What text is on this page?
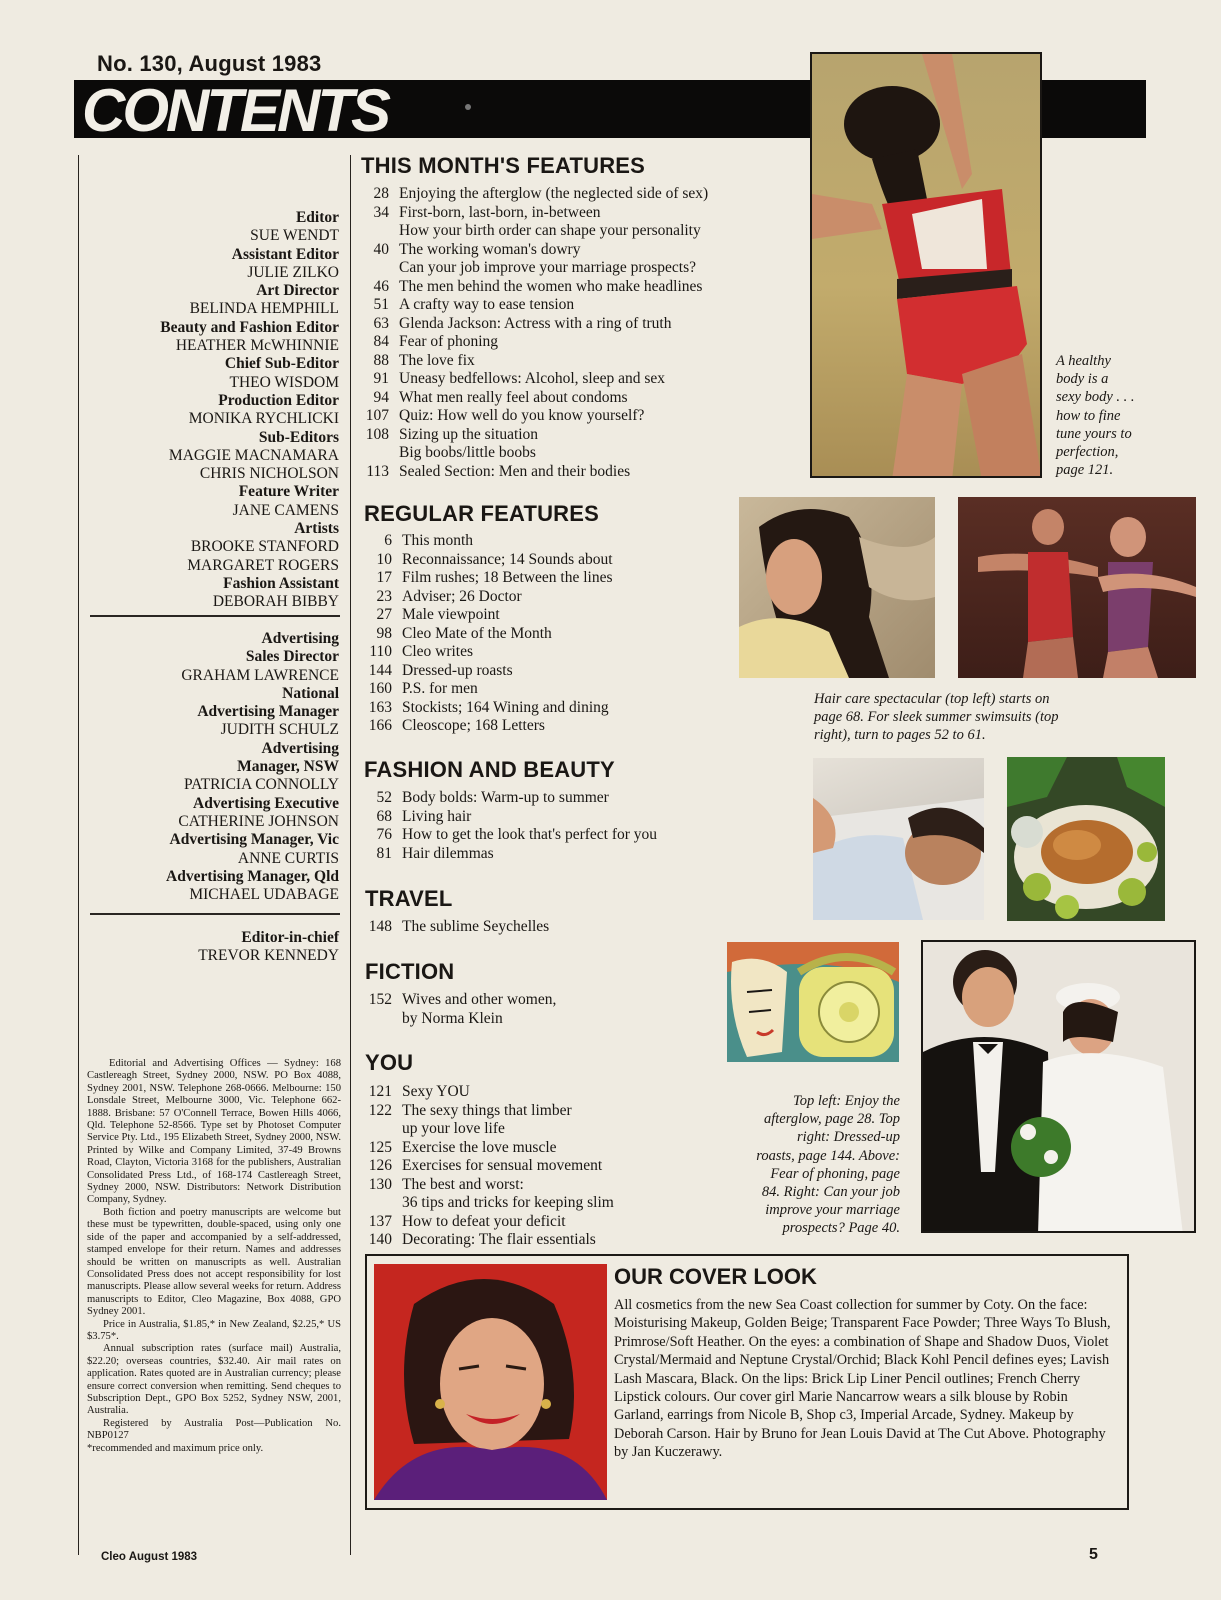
No. 130, August 1983
CONTENTS
Editor
SUE WENDT
Assistant Editor
JULIE ZILKO
Art Director
BELINDA HEMPHILL
Beauty and Fashion Editor
HEATHER McWHINNIE
Chief Sub-Editor
THEO WISDOM
Production Editor
MONIKA RYCHLICKI
Sub-Editors
MAGGIE MACNAMARA
CHRIS NICHOLSON
Feature Writer
JANE CAMENS
Artists
BROOKE STANFORD
MARGARET ROGERS
Fashion Assistant
DEBORAH BIBBY
Advertising
Sales Director
GRAHAM LAWRENCE
National
Advertising Manager
JUDITH SCHULZ
Advertising
Manager, NSW
PATRICIA CONNOLLY
Advertising Executive
CATHERINE JOHNSON
Advertising Manager, Vic
ANNE CURTIS
Advertising Manager, Qld
MICHAEL UDABAGE
Editor-in-chief
TREVOR KENNEDY

Editorial and Advertising Offices — Sydney: 168 Castlereagh Street, Sydney 2000, NSW. PO Box 4088, Sydney 2001, NSW. Telephone 268-0666. Melbourne: 150 Lonsdale Street, Melbourne 3000, Vic. Telephone 662-1888. Brisbane: 57 O'Connell Terrace, Bowen Hills 4066, Qld. Telephone 52-8566. Type set by Photoset Computer Service Pty. Ltd., 195 Elizabeth Street, Sydney 2000, NSW. Printed by Wilke and Company Limited, 37-49 Browns Road, Clayton, Victoria 3168 for the publishers, Australian Consolidated Press Ltd., of 168-174 Castlereagh Street, Sydney 2000, NSW. Distributors: Network Distribution Company, Sydney.

Both fiction and poetry manuscripts are welcome but these must be typewritten, double-spaced, using only one side of the paper and accompanied by a self-addressed, stamped envelope for their return. Names and addresses should be written on manuscripts as well. Australian Consolidated Press does not accept responsibility for lost manuscripts. Please allow several weeks for return. Address manuscripts to Editor, Cleo Magazine, Box 4088, GPO Sydney 2001.

Price in Australia, $1.85,* in New Zealand, $2.25,* US $3.75*.

Annual subscription rates (surface mail) Australia, $22.20; overseas countries, $32.40. Air mail rates on application. Rates quoted are in Australian currency; please ensure correct conversion when remitting. Send cheques to Subscription Dept., GPO Box 5252, Sydney NSW, 2001, Australia.

Registered by Australia Post—Publication No. NBP0127

*recommended and maximum price only.

THIS MONTH'S FEATURES
28 Enjoying the afterglow (the neglected side of sex)
34 First-born, last-born, in-between
How your birth order can shape your personality
40 The working woman's dowry
Can your job improve your marriage prospects?
46 The men behind the women who make headlines
51 A crafty way to ease tension
63 Glenda Jackson: Actress with a ring of truth
84 Fear of phoning
88 The love fix
91 Uneasy bedfellows: Alcohol, sleep and sex
94 What men really feel about condoms
107 Quiz: How well do you know yourself?
108 Sizing up the situation
Big boobs/little boobs
113 Sealed Section: Men and their bodies
REGULAR FEATURES
6 This month
10 Reconnaissance; 14 Sounds about
17 Film rushes; 18 Between the lines
23 Adviser; 26 Doctor
27 Male viewpoint
98 Cleo Mate of the Month
110 Cleo writes
144 Dressed-up roasts
160 P.S. for men
163 Stockists; 164 Wining and dining
166 Cleoscope; 168 Letters
FASHION AND BEAUTY
52 Body bolds: Warm-up to summer
68 Living hair
76 How to get the look that's perfect for you
81 Hair dilemmas
TRAVEL
148 The sublime Seychelles
FICTION
152 Wives and other women,
by Norma Klein
YOU
121 Sexy YOU
122 The sexy things that limber
up your love life
125 Exercise the love muscle
126 Exercises for sensual movement
130 The best and worst:
36 tips and tricks for keeping slim
137 How to defeat your deficit
140 Decorating: The flair essentials
A healthy
body is a
sexy body . . .
how to fine
tune yours to
perfection,
page 121.
Hair care spectacular (top left) starts on
page 68. For sleek summer swimsuits (top
right), turn to pages 52 to 61.
Top left: Enjoy the
afterglow, page 28. Top
right: Dressed-up
roasts, page 144. Above:
Fear of phoning, page
84. Right: Can your job
improve your marriage
prospects? Page 40.
OUR COVER LOOK
All cosmetics from the new Sea Coast collection for summer by Coty. On the face: Moisturising Makeup, Golden Beige; Transparent Face Powder; Three Ways To Blush, Primrose/Soft Heather. On the eyes: a combination of Shape and Shadow Duos, Violet Crystal/Mermaid and Neptune Crystal/Orchid; Black Kohl Pencil defines eyes; Lavish Lash Mascara, Black. On the lips: Brick Lip Liner Pencil outlines; French Cherry Lipstick colours. Our cover girl Marie Nancarrow wears a silk blouse by Robin Garland, earrings from Nicole B, Shop c3, Imperial Arcade, Sydney. Makeup by Deborah Carson. Hair by Bruno for Jean Louis David at The Cut Above. Photography by Jan Kuczerawy.
Cleo August 1983	5
